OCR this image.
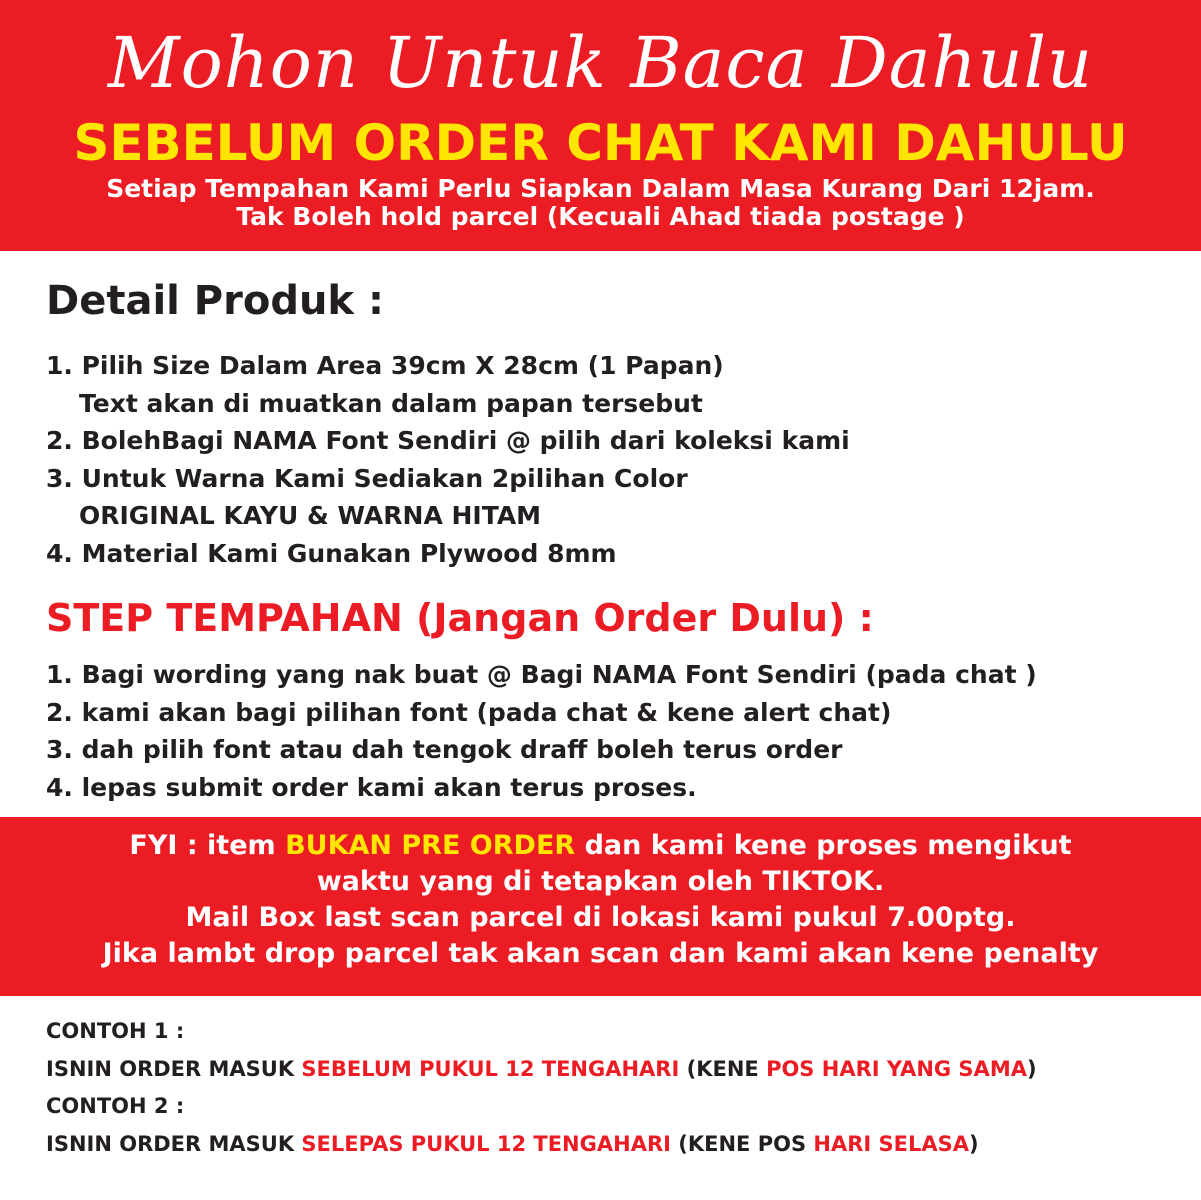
Mohon Untuk Baca Dahulu
SEBELUM ORDER CHAT KAMI DAHULU
Setiap Tempahan Kami Perlu Siapkan Dalam Masa Kurang Dari 12jam.
Tak Boleh hold parcel (Kecuali Ahad tiada postage )
Detail Produk :
1. Pilih Size Dalam Area 39cm X 28cm (1 Papan)
Text akan di muatkan dalam papan tersebut
2. BolehBagi NAMA Font Sendiri @ pilih dari koleksi kami
3. Untuk Warna Kami Sediakan 2pilihan Color
ORIGINAL KAYU & WARNA HITAM
4. Material Kami Gunakan Plywood 8mm
STEP TEMPAHAN (Jangan Order Dulu) :
1. Bagi wording yang nak buat @ Bagi NAMA Font Sendiri (pada chat )
2. kami akan bagi pilihan font (pada chat & kene alert chat)
3. dah pilih font atau dah tengok draff boleh terus order
4. lepas submit order kami akan terus proses.
FYI : item BUKAN PRE ORDER dan kami kene proses mengikut
waktu yang di tetapkan oleh TIKTOK.
Mail Box last scan parcel di lokasi kami pukul 7.00ptg.
Jika lambt drop parcel tak akan scan dan kami akan kene penalty
CONTOH 1 :
ISNIN ORDER MASUK SEBELUM PUKUL 12 TENGAHARI (KENE POS HARI YANG SAMA)
CONTOH 2 :
ISNIN ORDER MASUK SELEPAS PUKUL 12 TENGAHARI (KENE POS HARI SELASA)
